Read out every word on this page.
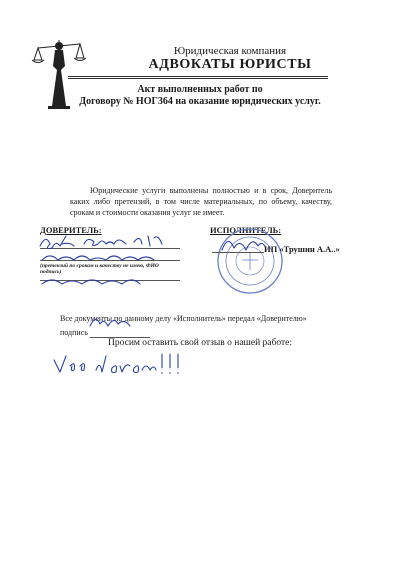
Юридическая компания
АДВОКАТЫ ЮРИСТЫ
Акт выполненных работ по
Договору № НОГ364 на оказание юридических услуг.
Юридические услуги выполнены полностью и в срок, Доверитель каких либо претензий, в том числе материальных, по объему, качеству, срокам и стоимости оказания услуг не имеет.
ДОВЕРИТЕЛЬ:	ИСПОЛНИТЕЛЬ:
(претензий по срокам и качеству не имею, ФИО подпись)
ИП «Трушин А.А..»
Все документы по данному делу «Исполнитель» передал «Доверителю»
подпись
Просим оставить свой отзыв о нашей работе:
